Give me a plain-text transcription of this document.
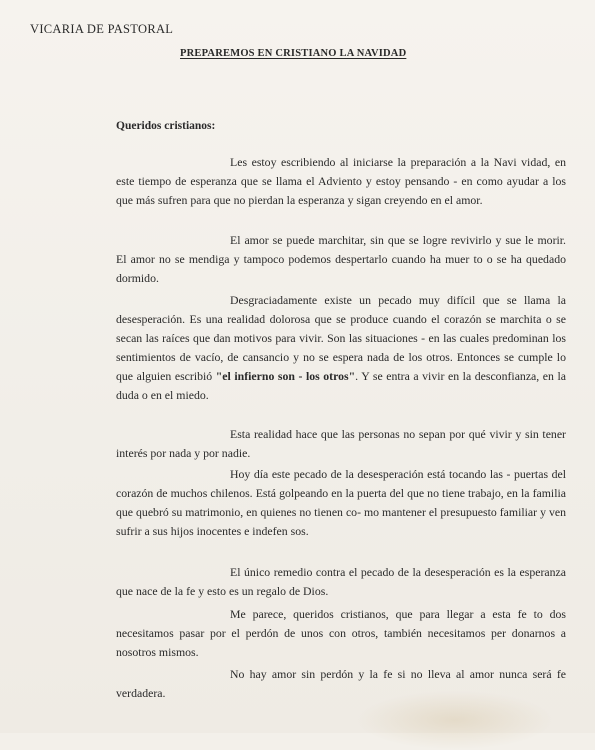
VICARIA DE PASTORAL
PREPAREMOS EN CRISTIANO LA NAVIDAD
Queridos cristianos:

Les estoy escribiendo al iniciarse la preparación a la Navi vidad, en este tiempo de esperanza que se llama el Adviento y estoy pensando - en como ayudar a los que más sufren para que no pierdan la esperanza y sigan creyendo en el amor.

El amor se puede marchitar, sin que se logre revivirlo y sue le morir. El amor no se mendiga y tampoco podemos despertarlo cuando ha muer to o se ha quedado dormido.

Desgraciadamente existe un pecado muy difícil que se llama la desesperación. Es una realidad dolorosa que se produce cuando el corazón se marchita o se secan las raíces que dan motivos para vivir. Son las situaciones - en las cuales predominan los sentimientos de vacío, de cansancio y no se espera nada de los otros. Entonces se cumple lo que alguien escribió "el infierno son - los otros". Y se entra a vivir en la desconfianza, en la duda o en el miedo.

Esta realidad hace que las personas no sepan por qué vivir y sin tener interés por nada y por nadie.

Hoy día este pecado de la desesperación está tocando las - puertas del corazón de muchos chilenos. Está golpeando en la puerta del que no tiene trabajo, en la familia que quebró su matrimonio, en quienes no tienen co- mo mantener el presupuesto familiar y ven sufrir a sus hijos inocentes e indefen sos.

El único remedio contra el pecado de la desesperación es la esperanza que nace de la fe y esto es un regalo de Dios.

Me parece, queridos cristianos, que para llegar a esta fe to dos necesitamos pasar por el perdón de unos con otros, también necesitamos per donarnos a nosotros mismos.

No hay amor sin perdón y la fe si no lleva al amor nunca será fe verdadera.
